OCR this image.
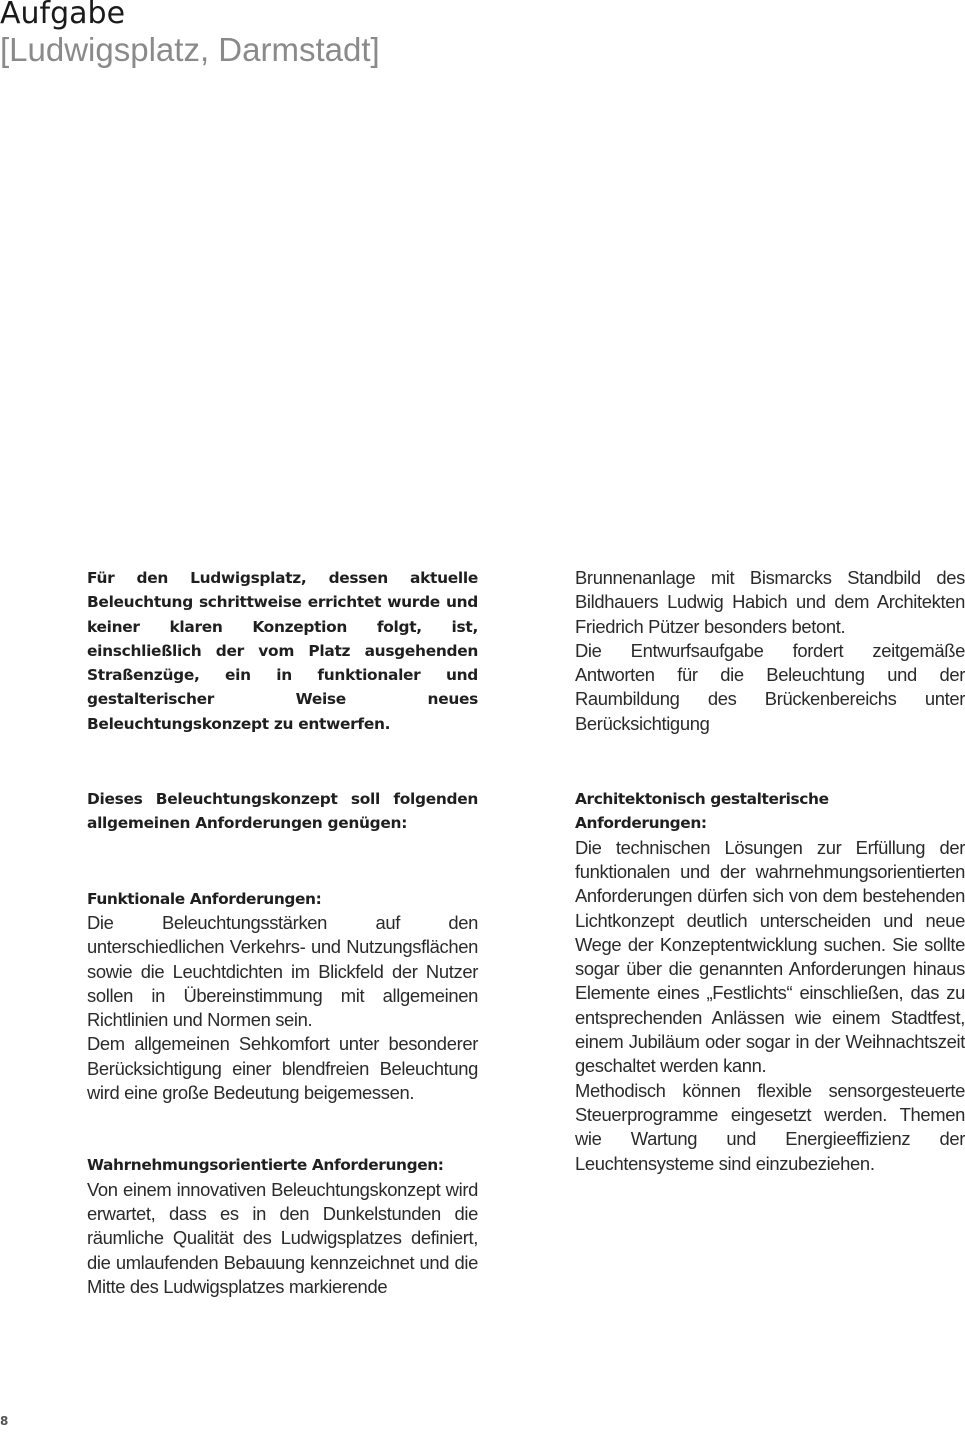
Aufgabe
[Ludwigsplatz, Darmstadt]

Für den Ludwigsplatz, dessen aktuelle Beleuchtung schrittweise errichtet wurde und keiner klaren Konzeption folgt, ist, einschließlich der vom Platz ausgehenden Straßenzüge, ein in funktionaler und gestalterischer Weise neues Beleuchtungskonzept zu entwerfen.

Dieses Beleuchtungskonzept soll folgenden allgemeinen Anforderungen genügen:

Funktionale Anforderungen:

Die Beleuchtungsstärken auf den unterschiedlichen Verkehrs- und Nutzungsflächen sowie die Leuchtdichten im Blickfeld der Nutzer sollen in Übereinstimmung mit allgemeinen Richtlinien und Normen sein.

Dem allgemeinen Sehkomfort unter besonderer Berücksichtigung einer blendfreien Beleuchtung wird eine große Bedeutung beigemessen.

Wahrnehmungsorientierte Anforderungen:

Von einem innovativen Beleuchtungskonzept wird erwartet, dass es in den Dunkelstunden die räumliche Qualität des Ludwigsplatzes definiert, die umlaufenden Bebauung kennzeichnet und die Mitte des Ludwigsplatzes markierende

Brunnenanlage mit Bismarcks Standbild des Bildhauers Ludwig Habich und dem Architekten Friedrich Pützer besonders betont.

Die Entwurfsaufgabe fordert zeitgemäße Antworten für die Beleuchtung und der Raumbildung des Brückenbereichs unter Berücksichtigung

Architektonisch gestalterische Anforderungen:

Die technischen Lösungen zur Erfüllung der funktionalen und der wahrnehmungsorientierten Anforderungen dürfen sich von dem bestehenden Lichtkonzept deutlich unterscheiden und neue Wege der Konzeptentwicklung suchen. Sie sollte sogar über die genannten Anforderungen hinaus Elemente eines „Festlichts“ einschließen, das zu entsprechenden Anlässen wie einem Stadtfest, einem Jubiläum oder sogar in der Weihnachtszeit geschaltet werden kann.

Methodisch können flexible sensorgesteuerte Steuerprogramme eingesetzt werden. Themen wie Wartung und Energieeffizienz der Leuchtensysteme sind einzubeziehen.

8
